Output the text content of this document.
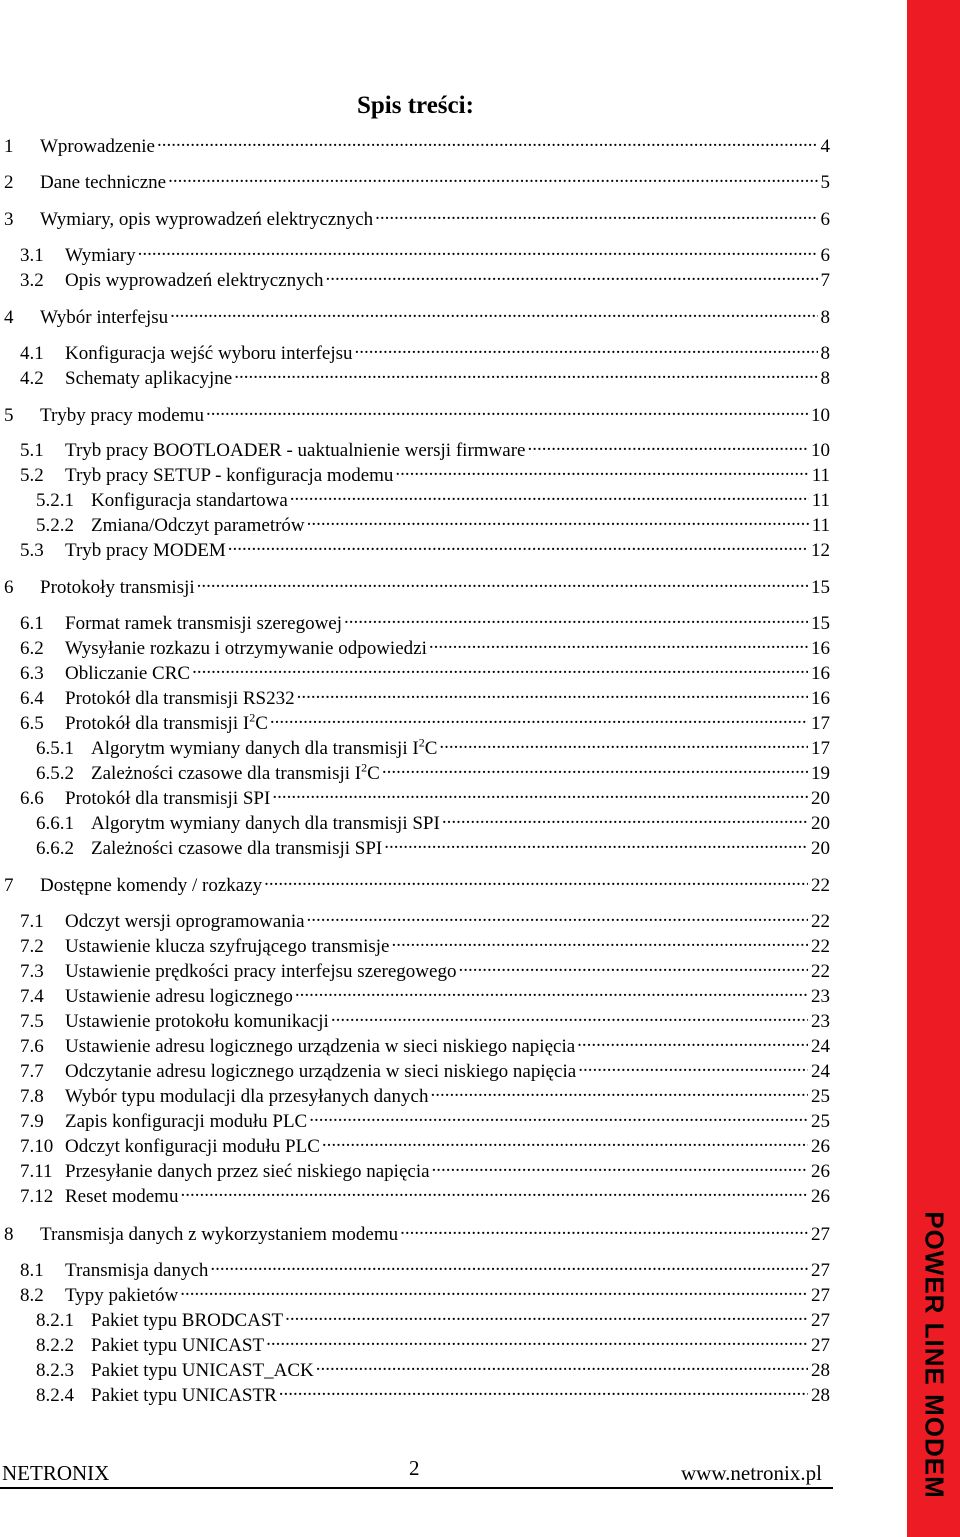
POWER LINE MODEM
Spis treści:
1	Wprowadzenie .....	4
2	Dane techniczne .....	5
3	Wymiary, opis wyprowadzeń elektrycznych .....	6
3.1	Wymiary .....	6
3.2	Opis wyprowadzeń elektrycznych .....	7
4	Wybór interfejsu .....	8
4.1	Konfiguracja wejść wyboru interfejsu .....	8
4.2	Schematy aplikacyjne .....	8
5	Tryby pracy modemu .....	10
5.1	Tryb pracy BOOTLOADER - uaktualnienie wersji firmware .....	10
5.2	Tryb pracy SETUP - konfiguracja modemu .....	11
5.2.1 Konfiguracja standartowa .....	11
5.2.2 Zmiana/Odczyt parametrów .....	11
5.3	Tryb pracy MODEM .....	12
6	Protokoły transmisji .....	15
6.1	Format ramek transmisji szeregowej .....	15
6.2	Wysyłanie rozkazu i otrzymywanie odpowiedzi .....	16
6.3	Obliczanie CRC .....	16
6.4	Protokół dla transmisji RS232 .....	16
6.5	Protokół dla transmisji $I^2C$ .....	17
6.5.1 Algorytm wymiany danych dla transmisji $I^2C$ .....	17
6.5.2 Zależności czasowe dla transmisji $I^2C$ .....	19
6.6	Protokół dla transmisji SPI .....	20
6.6.1 Algorytm wymiany danych dla transmisji SPI .....	20
6.6.2 Zależności czasowe dla transmisji SPI .....	20
7	Dostępne komendy / rozkazy .....	22
7.1	Odczyt wersji oprogramowania .....	22
7.2	Ustawienie klucza szyfrującego transmisje .....	22
7.3	Ustawienie prędkości pracy interfejsu szeregowego .....	22
7.4	Ustawienie adresu logicznego .....	23
7.5	Ustawienie protokołu komunikacji .....	23
7.6	Ustawienie adresu logicznego urządzenia w sieci niskiego napięcia .....	24
7.7	Odczytanie adresu logicznego urządzenia w sieci niskiego napięcia .....	24
7.8	Wybór typu modulacji dla przesyłanych danych .....	25
7.9	Zapis konfiguracji modułu PLC .....	25
7.10 Odczyt konfiguracji modułu PLC .....	26
7.11 Przesyłanie danych przez sieć niskiego napięcia .....	26
7.12 Reset modemu .....	26
8	Transmisja danych z wykorzystaniem modemu .....	27
8.1	Transmisja danych .....	27
8.2	Typy pakietów .....	27
8.2.1 Pakiet typu BRODCAST .....	27
8.2.2 Pakiet typu UNICAST .....	27
8.2.3 Pakiet typu UNICAST_ACK .....	28
8.2.4 Pakiet typu UNICASTR .....	28
NETRONIX	2	www.netronix.pl
